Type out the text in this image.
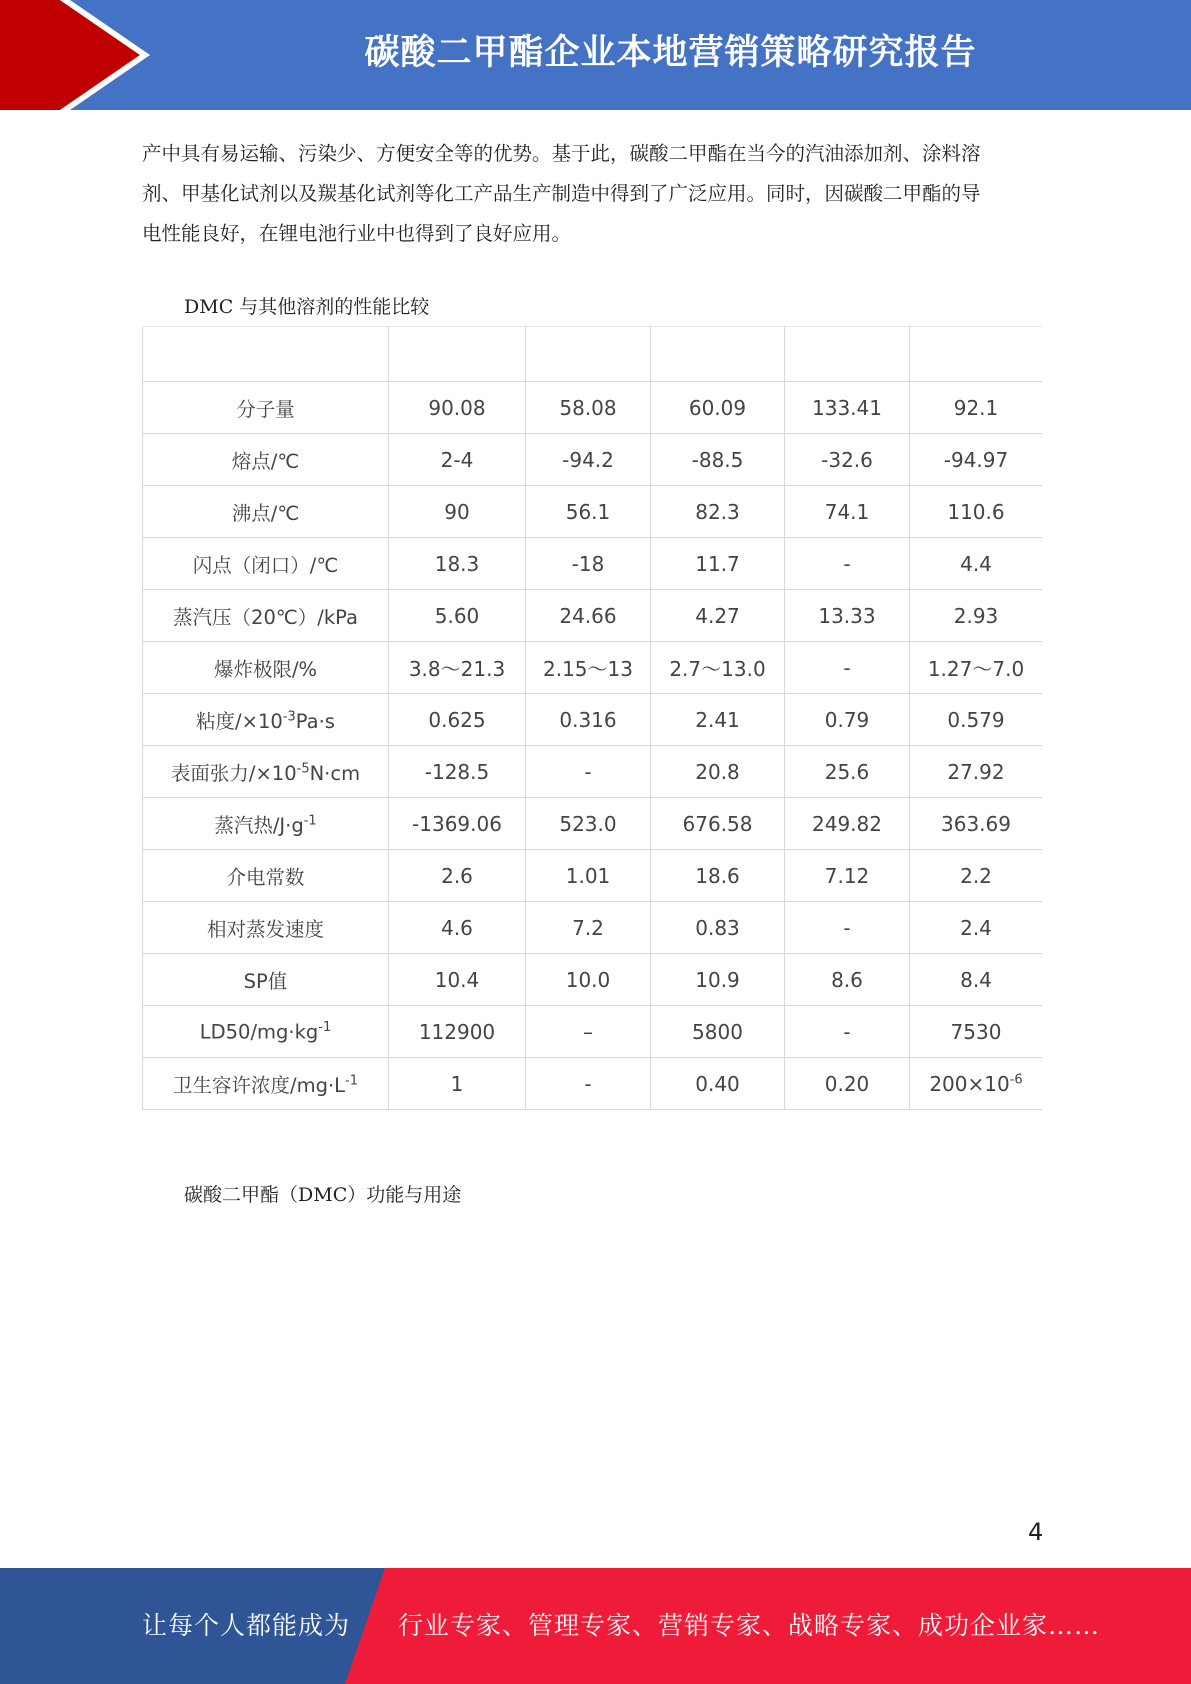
碳酸二甲酯企业本地营销策略研究报告
产中具有易运输、污染少、方便安全等的优势。基于此，碳酸二甲酯在当今的汽油添加剂、涂料溶
剂、甲基化试剂以及羰基化试剂等化工产品生产制造中得到了广泛应用。同时，因碳酸二甲酯的导
电性能良好，在锂电池行业中也得到了良好应用。
DMC 与其他溶剂的性能比较

分子量	90.08	58.08	60.09	133.41	92.1
熔点/℃	2-4	-94.2	-88.5	-32.6	-94.97
沸点/℃	90	56.1	82.3	74.1	110.6
闪点（闭口）/℃	18.3	-18	11.7	-	4.4
蒸汽压（20℃）/kPa	5.60	24.66	4.27	13.33	2.93
爆炸极限/%	3.8～21.3	2.15～13	2.7～13.0	-	1.27～7.0
粘度$/\times 10^{-3}Pa\cdot s$	0.625	0.316	2.41	0.79	0.579
表面张力$/\times 10^{-5}N\cdot cm$	-128.5	-	20.8	25.6	27.92
蒸汽热$/J\cdot g^{-1}$	-1369.06	523.0	676.58	249.82	363.69
介电常数	2.6	1.01	18.6	7.12	2.2
相对蒸发速度	4.6	7.2	0.83	-	2.4
SP值	10.4	10.0	10.9	8.6	8.4
$LD50/mg\cdot kg^{-1}$	112900	–	5800	-	7530
卫生容许浓度$/mg\cdot L^{-1}$	1	-	0.40	0.20	$200\times 10^{-6}$
碳酸二甲酯（DMC）功能与用途
4
让每个人都能成为 行业专家、管理专家、营销专家、战略专家、成功企业家……
